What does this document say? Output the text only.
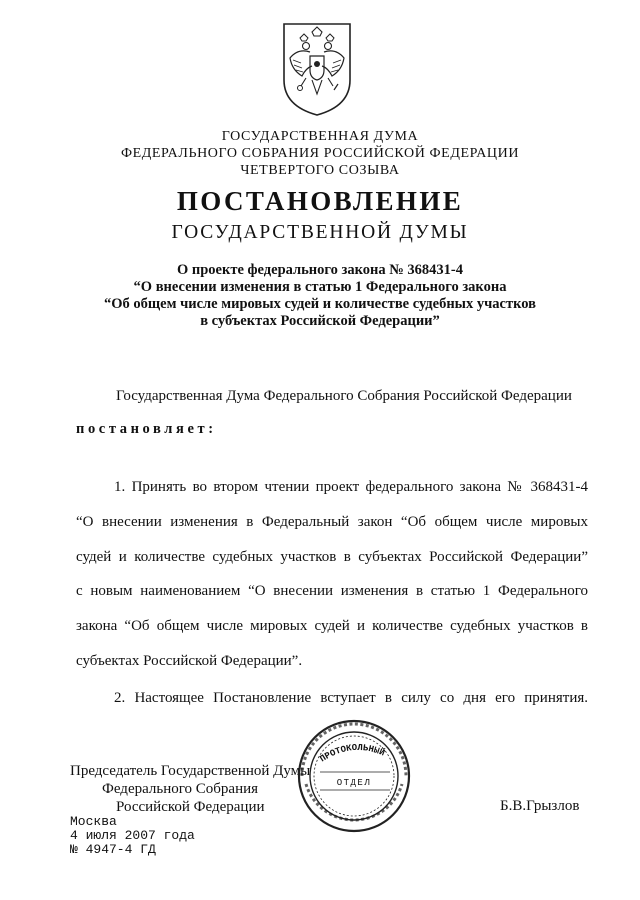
ГОСУДАРСТВЕННАЯ ДУМА
ФЕДЕРАЛЬНОГО СОБРАНИЯ РОССИЙСКОЙ ФЕДЕРАЦИИ
ЧЕТВЕРТОГО СОЗЫВА
ПОСТАНОВЛЕНИЕ
ГОСУДАРСТВЕННОЙ ДУМЫ
О проекте федерального закона № 368431-4
“О внесении изменения в статью 1 Федерального закона
“Об общем числе мировых судей и количестве судебных участков
в субъектах Российской Федерации”
Государственная Дума Федерального Собрания Российской Федерации
постановляет:
1. Принять во втором чтении проект федерального закона № 368431-4
“О внесении изменения в Федеральный закон “Об общем числе мировых
судей и количестве судебных участков в субъектах Российской Федерации”
с новым наименованием “О внесении изменения в статью 1 Федерального
закона “Об общем числе мировых судей и количестве судебных участков в
субъектах Российской Федерации”.
2. Настоящее Постановление вступает в силу со дня его принятия.
Председатель Государственной Думы
Федерального Собрания
Российской Федерации	Б.В.Грызлов
Москва
4 июля 2007 года
№ 4947-4 ГД
ПРОТОКОЛЬНЫЙ
ОТДЕЛ
